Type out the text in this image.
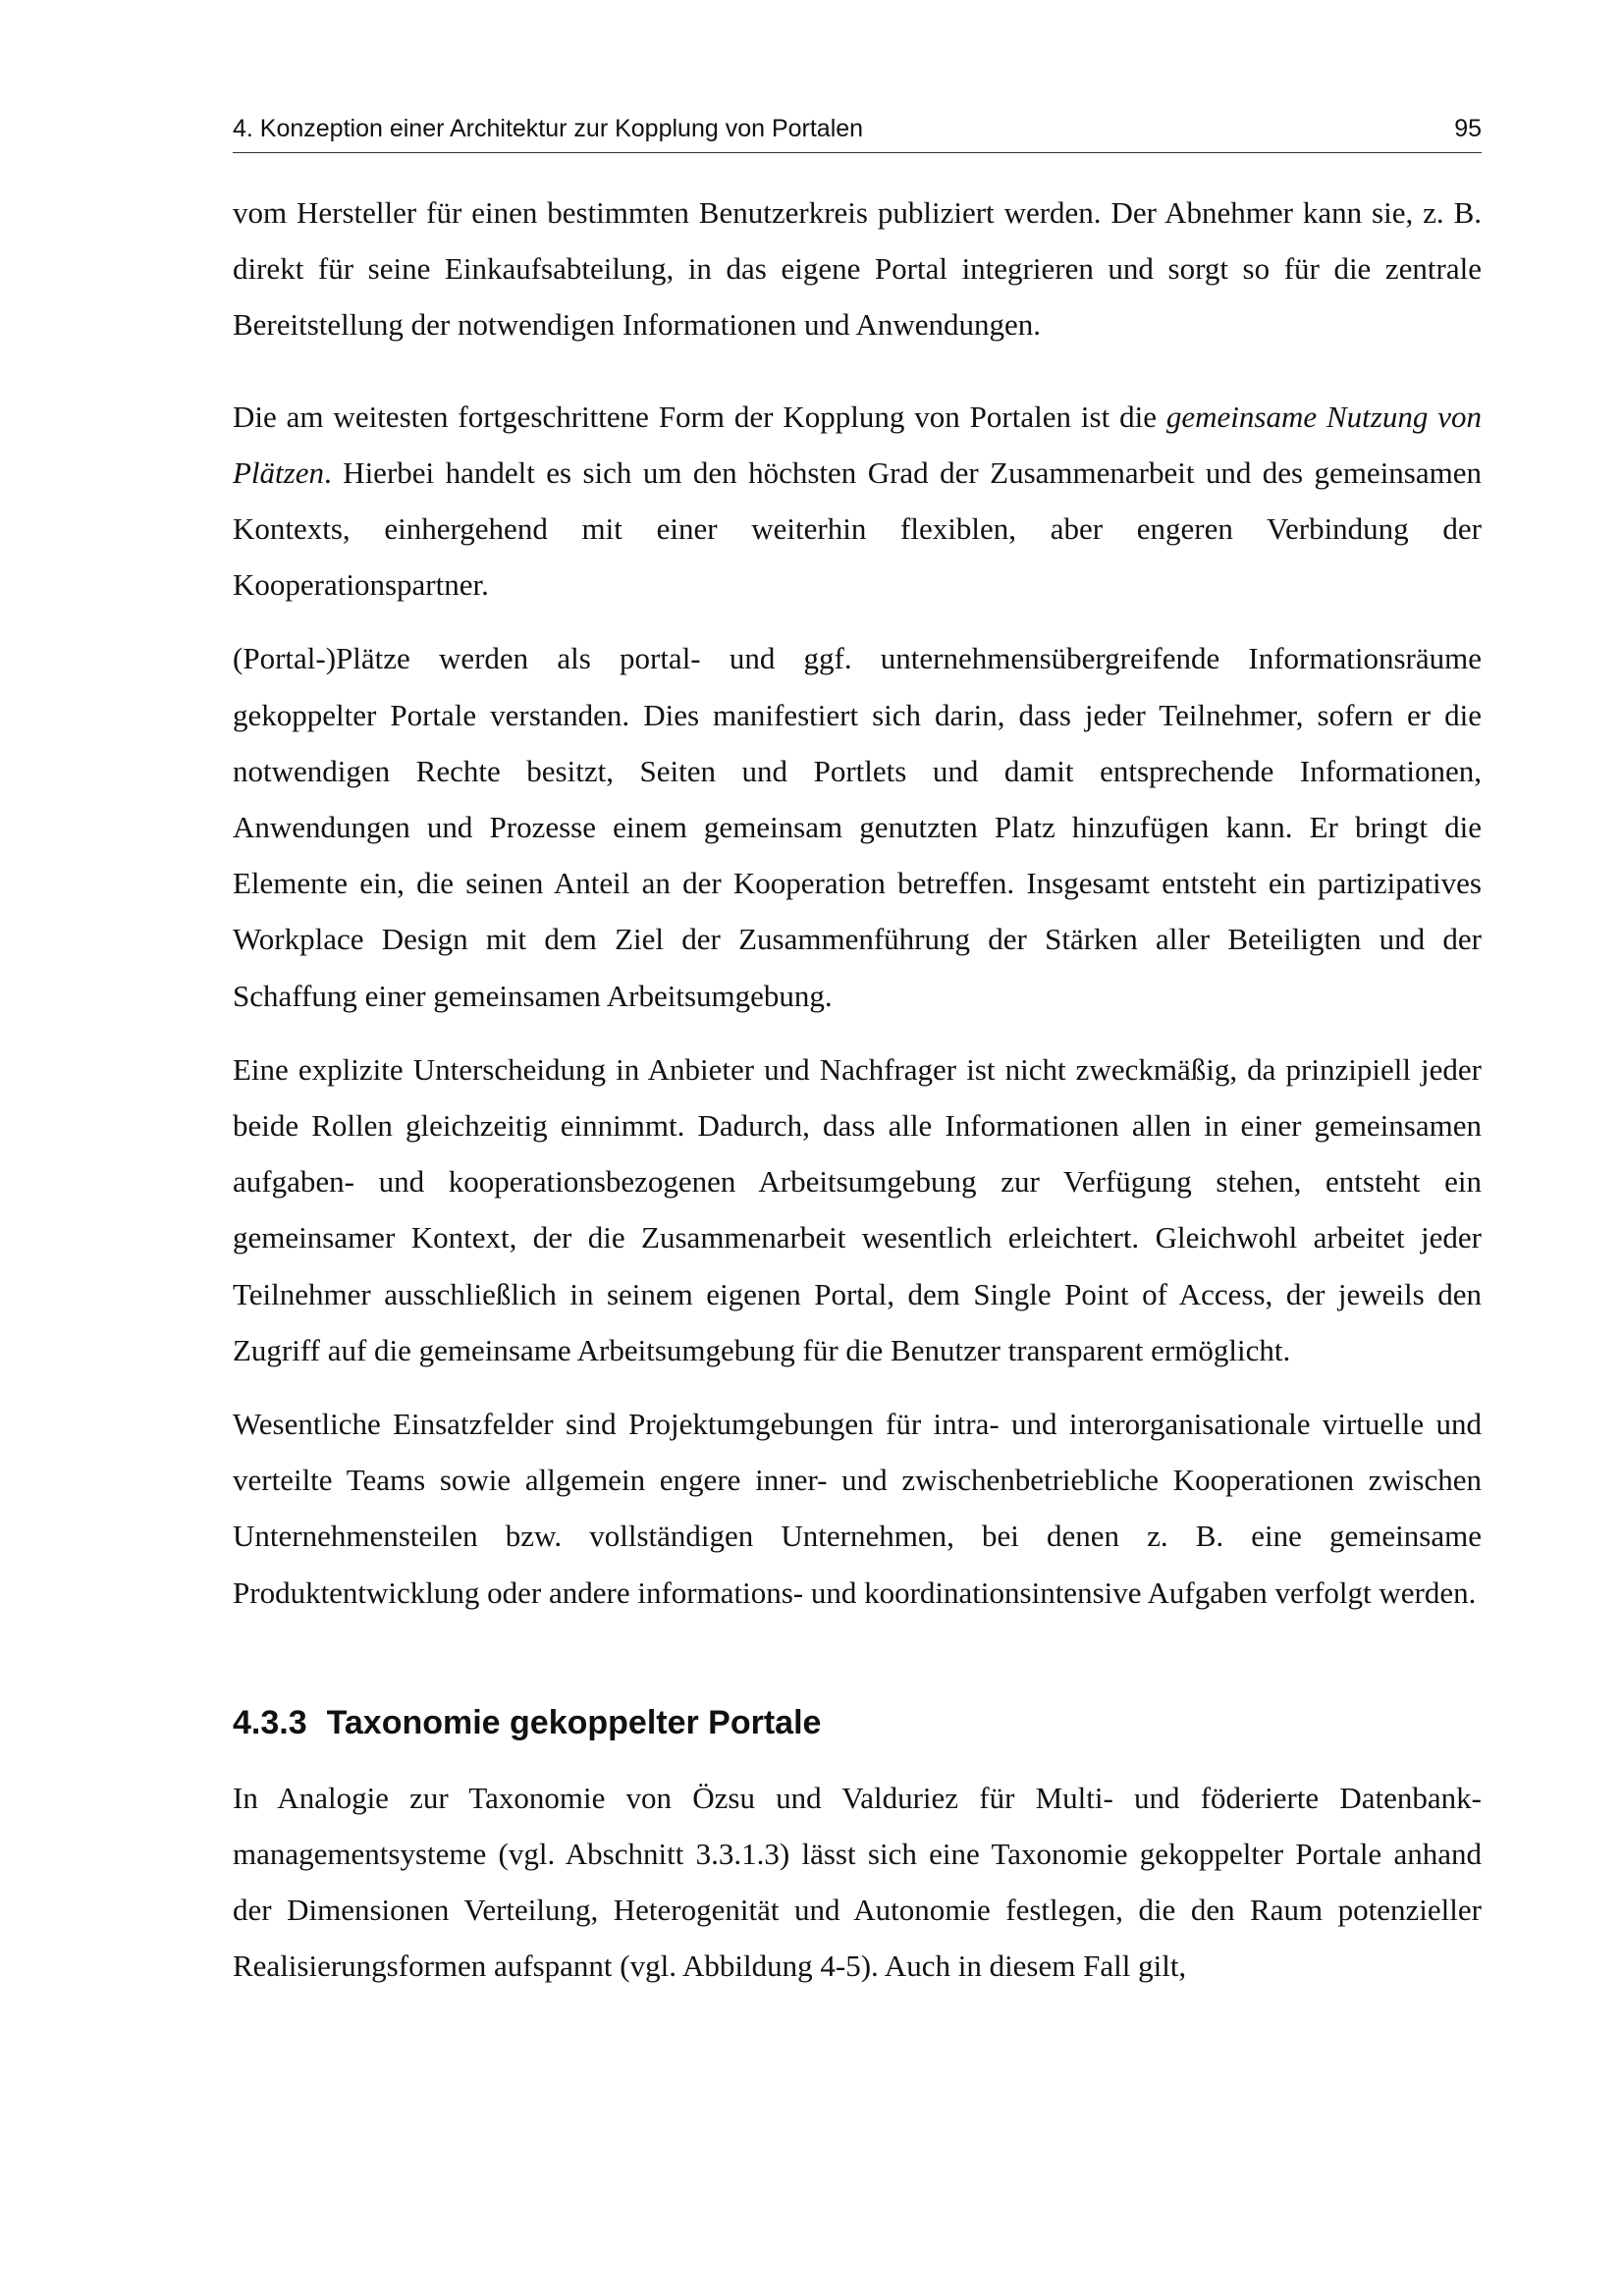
4. Konzeption einer Architektur zur Kopplung von Portalen	95

vom Hersteller für einen bestimmten Benutzerkreis publiziert werden. Der Abnehmer kann sie, z. B. direkt für seine Einkaufsabteilung, in das eigene Portal integrieren und sorgt so für die zentrale Bereitstellung der notwendigen Informationen und Anwendungen.

Die am weitesten fortgeschrittene Form der Kopplung von Portalen ist die gemeinsame Nutzung von Plätzen. Hierbei handelt es sich um den höchsten Grad der Zusammenarbeit und des gemeinsamen Kontexts, einhergehend mit einer weiterhin flexiblen, aber engeren Verbindung der Kooperationspartner.

(Portal-)Plätze werden als portal- und ggf. unternehmensübergreifende Informationsräume gekoppelter Portale verstanden. Dies manifestiert sich darin, dass jeder Teilnehmer, sofern er die notwendigen Rechte besitzt, Seiten und Portlets und damit entsprechende Informationen, Anwendungen und Prozesse einem gemeinsam genutzten Platz hinzufügen kann. Er bringt die Elemente ein, die seinen Anteil an der Kooperation betreffen. Insgesamt entsteht ein partizipatives Workplace Design mit dem Ziel der Zusammenführung der Stärken aller Beteiligten und der Schaffung einer gemeinsamen Arbeitsumgebung.

Eine explizite Unterscheidung in Anbieter und Nachfrager ist nicht zweckmäßig, da prinzipiell jeder beide Rollen gleichzeitig einnimmt. Dadurch, dass alle Informationen allen in einer gemeinsamen aufgaben- und kooperationsbezogenen Arbeitsumgebung zur Verfügung stehen, entsteht ein gemeinsamer Kontext, der die Zusammenarbeit wesentlich erleichtert. Gleichwohl arbeitet jeder Teilnehmer ausschließlich in seinem eigenen Portal, dem Single Point of Access, der jeweils den Zugriff auf die gemeinsame Arbeitsumgebung für die Benutzer transparent ermöglicht.

Wesentliche Einsatzfelder sind Projektumgebungen für intra- und interorganisationale virtuelle und verteilte Teams sowie allgemein engere inner- und zwischenbetriebliche Kooperationen zwischen Unternehmensteilen bzw. vollständigen Unternehmen, bei denen z. B. eine gemeinsame Produktentwicklung oder andere informations- und koordinationsintensive Aufgaben verfolgt werden.

4.3.3 Taxonomie gekoppelter Portale

In Analogie zur Taxonomie von Özsu und Valduriez für Multi- und föderierte Datenbankmanagementsysteme (vgl. Abschnitt 3.3.1.3) lässt sich eine Taxonomie gekoppelter Portale anhand der Dimensionen Verteilung, Heterogenität und Autonomie festlegen, die den Raum potenzieller Realisierungsformen aufspannt (vgl. Abbildung 4-5). Auch in diesem Fall gilt,
